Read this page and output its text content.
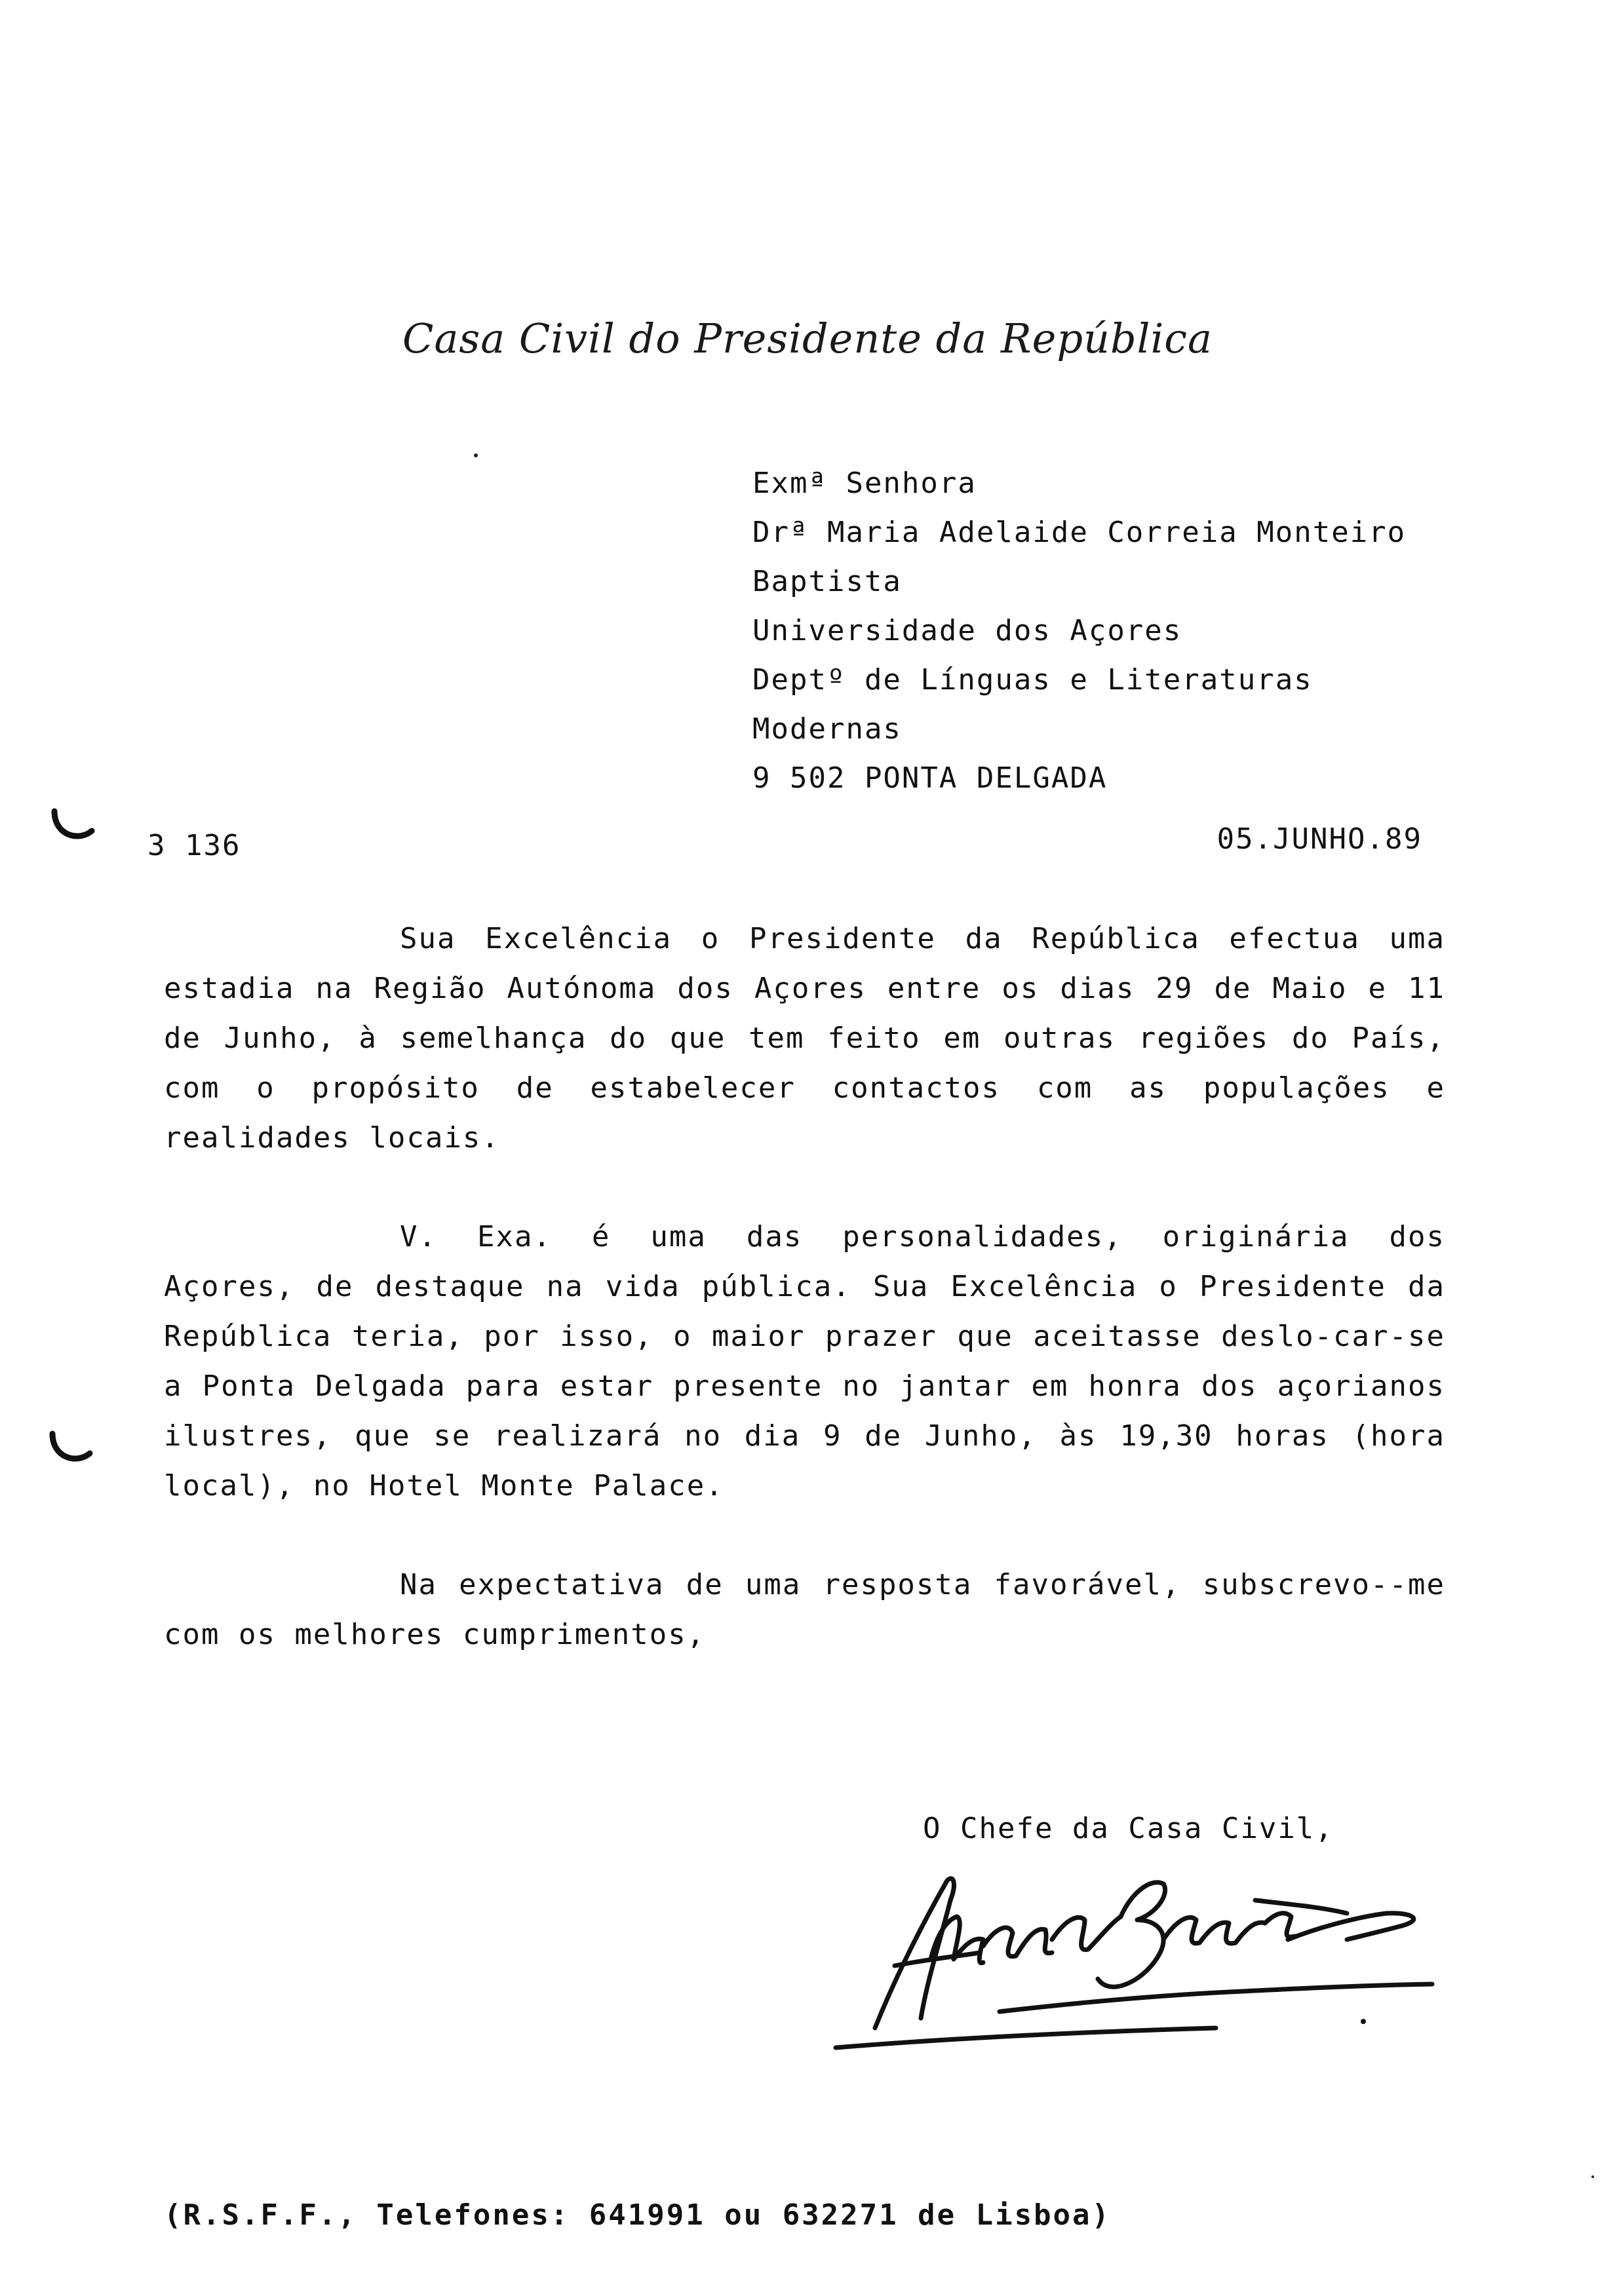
Casa Civil do Presidente da República
Exmª Senhora
Drª Maria Adelaide Correia Monteiro
Baptista
Universidade dos Açores
Deptº de Línguas e Literaturas
Modernas
9 502 PONTA DELGADA
3 136	05.JUNHO.89

Sua Excelência o Presidente da República efectua uma estadia na Região Autónoma dos Açores entre os dias 29 de Maio e 11 de Junho, à semelhança do que tem feito em outras regiões do País, com o propósito de estabelecer contactos com as populações e realidades locais.

V. Exa. é uma das personalidades, originária dos Açores, de destaque na vida pública. Sua Excelência o Presidente da República teria, por isso, o maior prazer que aceitasse deslo-car-se a Ponta Delgada para estar presente no jantar em honra dos açorianos ilustres, que se realizará no dia 9 de Junho, às 19,30 horas (hora local), no Hotel Monte Palace.

Na expectativa de uma resposta favorável, subscrevo--me com os melhores cumprimentos,

O Chefe da Casa Civil,
(R.S.F.F., Telefones: 641991 ou 632271 de Lisboa)
